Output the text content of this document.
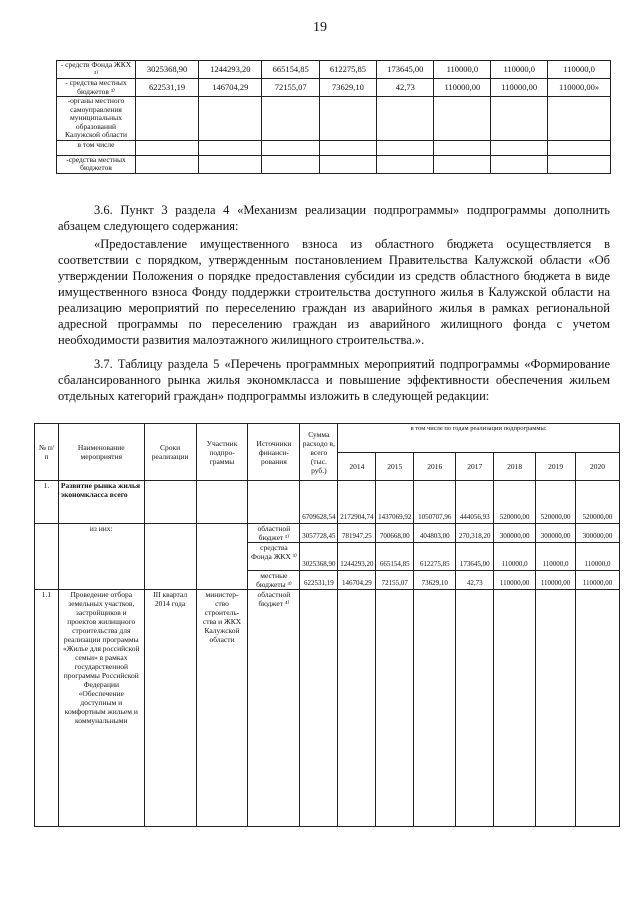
19
- средств Фонда ЖКХ ³⁾	3025368,90	1244293,20	665154,85	612275,85	173645,00	110000,0	110000,0	110000,0
- средства местных бюджетов ³⁾	622531,19	146704,29	72155,07	73629,10	42,73	110000,00	110000,00	110000,00»
-органы местного самоуправления муниципальных образований Калужской области								
в том числе								
-средства местных бюджетов								
3.6. Пункт 3 раздела 4 «Механизм реализации подпрограммы» подпрограммы дополнить абзацем следующего содержания:
«Предоставление имущественного взноса из областного бюджета осуществляется в соответствии с порядком, утвержденным постановлением Правительства Калужской области «Об утверждении Положения о порядке предоставления субсидии из средств областного бюджета в виде имущественного взноса Фонду поддержки строительства доступного жилья в Калужской области на реализацию мероприятий по переселению граждан из аварийного жилья в рамках региональной адресной программы по переселению граждан из аварийного жилищного фонда с учетом необходимости развития малоэтажного жилищного строительства.».
3.7. Таблицу раздела 5 «Перечень программных мероприятий подпрограммы «Формирование сбалансированного рынка жилья экономкласса и повышение эффективности обеспечения жильем отдельных категорий граждан» подпрограммы изложить в следующей редакции:
№ п/п	Наименование мероприятия	Сроки реализации	Участник подпро- граммы	Источники финанси- рования	Сумма расходо в, всего (тыс. руб.)	в том числе по годам реализации подпрограммы:						
						2014	2015	2016	2017	2018	2019	2020
1.	Развитие рынка жилья экономкласса всего				6709628,54	2172904,74	1437069,92	1050707,96	444056,93	520000,00	520000,00	520000,00
	из них:			областной бюджет ¹⁾	3057728,45	781947,25	700668,00	404803,00	270,318,20	300000,00	300000,00	300000,00
				средства Фонда ЖКХ ³⁾	3025368,90	1244293,20	665154,85	612275,85	173645,00	110000,0	110000,0	110000,0
				местные бюджеты ³⁾	622531,19	146704,29	72155,07	73629,10	42,73	110000,00	110000,00	110000,00
1.1	Проведение отбора земельных участков, застройщиков и проектов жилищного строительства для реализации программы «Жилье для российской семьи» в рамках государственной программы Российской Федерации «Обеспечение доступным и комфортным жильем и коммунальными	III квартал 2014 года	министер- ство строитель- ства и ЖКХ Калужской области	областной бюджет ⁴⁾								
